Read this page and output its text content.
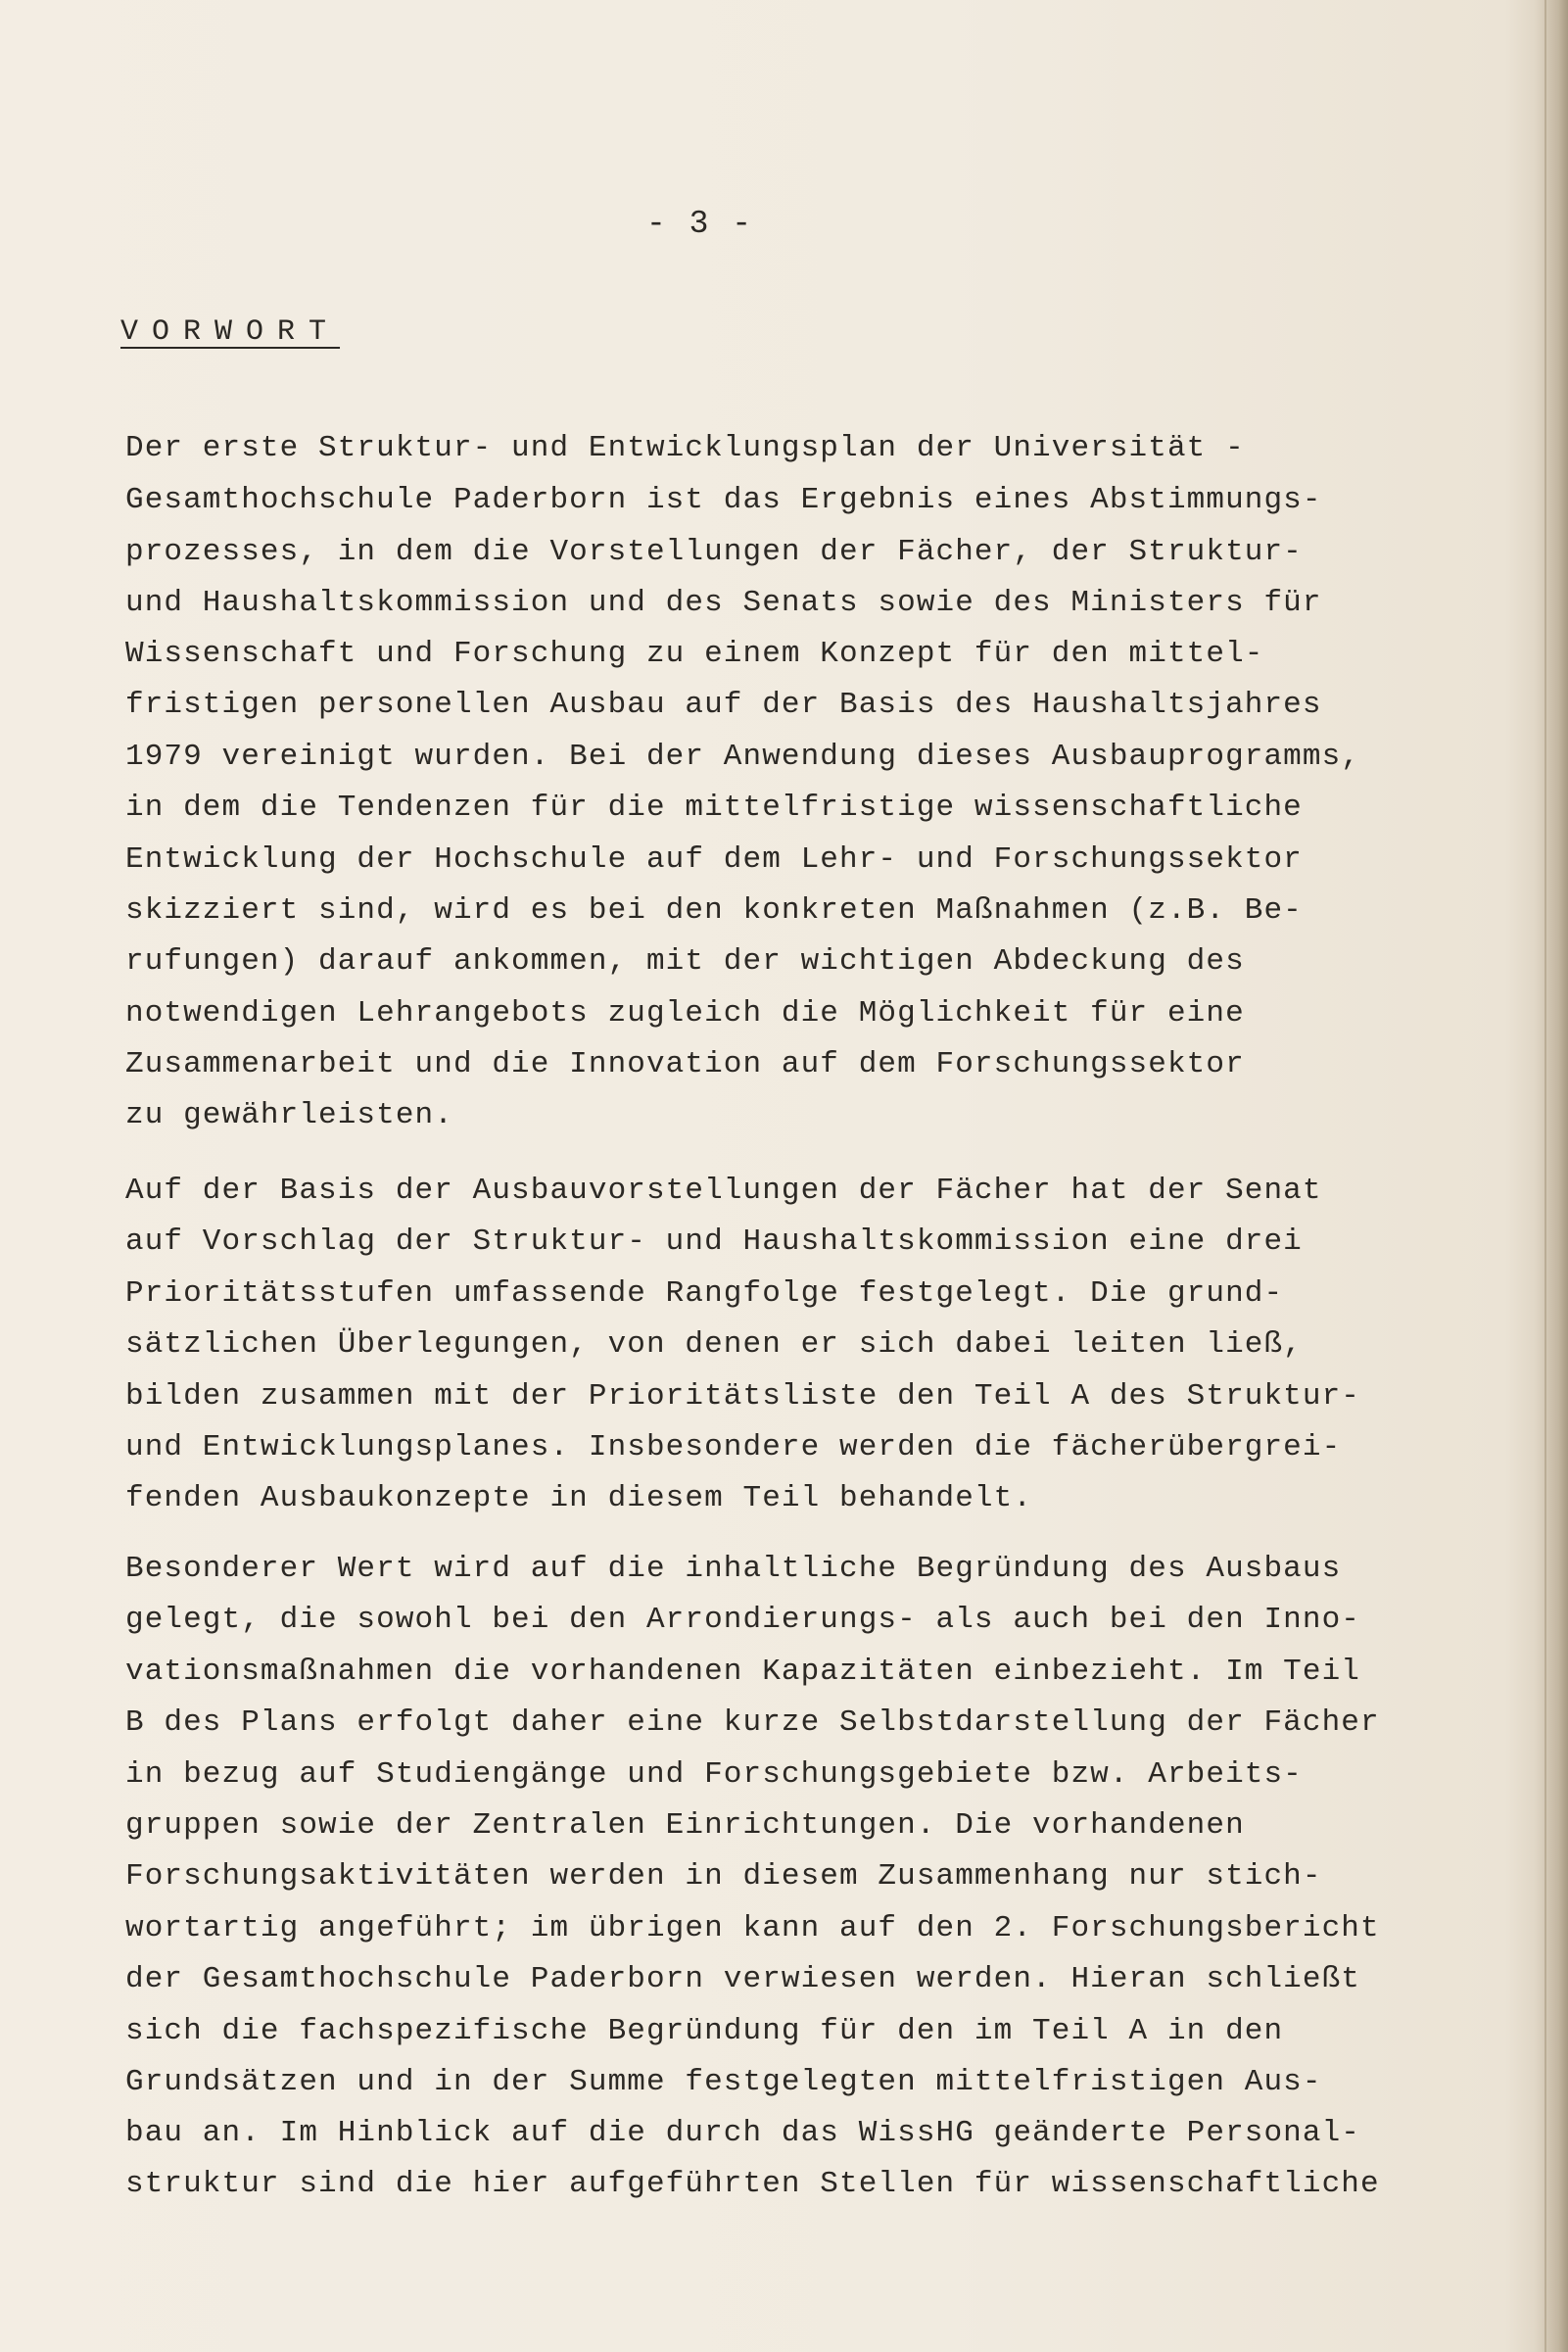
- 3 -
VORWORT
Der erste Struktur- und Entwicklungsplan der Universität -
Gesamthochschule Paderborn ist das Ergebnis eines Abstimmungs-
prozesses, in dem die Vorstellungen der Fächer, der Struktur-
und Haushaltskommission und des Senats sowie des Ministers für
Wissenschaft und Forschung zu einem Konzept für den mittel-
fristigen personellen Ausbau auf der Basis des Haushaltsjahres
1979 vereinigt wurden. Bei der Anwendung dieses Ausbauprogramms,
in dem die Tendenzen für die mittelfristige wissenschaftliche
Entwicklung der Hochschule auf dem Lehr- und Forschungssektor
skizziert sind, wird es bei den konkreten Maßnahmen (z.B. Be-
rufungen) darauf ankommen, mit der wichtigen Abdeckung des
notwendigen Lehrangebots zugleich die Möglichkeit für eine
Zusammenarbeit und die Innovation auf dem Forschungssektor
zu gewährleisten.
Auf der Basis der Ausbauvorstellungen der Fächer hat der Senat
auf Vorschlag der Struktur- und Haushaltskommission eine drei
Prioritätsstufen umfassende Rangfolge festgelegt. Die grund-
sätzlichen Überlegungen, von denen er sich dabei leiten ließ,
bilden zusammen mit der Prioritätsliste den Teil A des Struktur-
und Entwicklungsplanes. Insbesondere werden die fächerübergrei-
fenden Ausbaukonzepte in diesem Teil behandelt.
Besonderer Wert wird auf die inhaltliche Begründung des Ausbaus
gelegt, die sowohl bei den Arrondierungs- als auch bei den Inno-
vationsmaßnahmen die vorhandenen Kapazitäten einbezieht. Im Teil
B des Plans erfolgt daher eine kurze Selbstdarstellung der Fächer
in bezug auf Studiengänge und Forschungsgebiete bzw. Arbeits-
gruppen sowie der Zentralen Einrichtungen. Die vorhandenen
Forschungsaktivitäten werden in diesem Zusammenhang nur stich-
wortartig angeführt; im übrigen kann auf den 2. Forschungsbericht
der Gesamthochschule Paderborn verwiesen werden. Hieran schließt
sich die fachspezifische Begründung für den im Teil A in den
Grundsätzen und in der Summe festgelegten mittelfristigen Aus-
bau an. Im Hinblick auf die durch das WissHG geänderte Personal-
struktur sind die hier aufgeführten Stellen für wissenschaftliche
